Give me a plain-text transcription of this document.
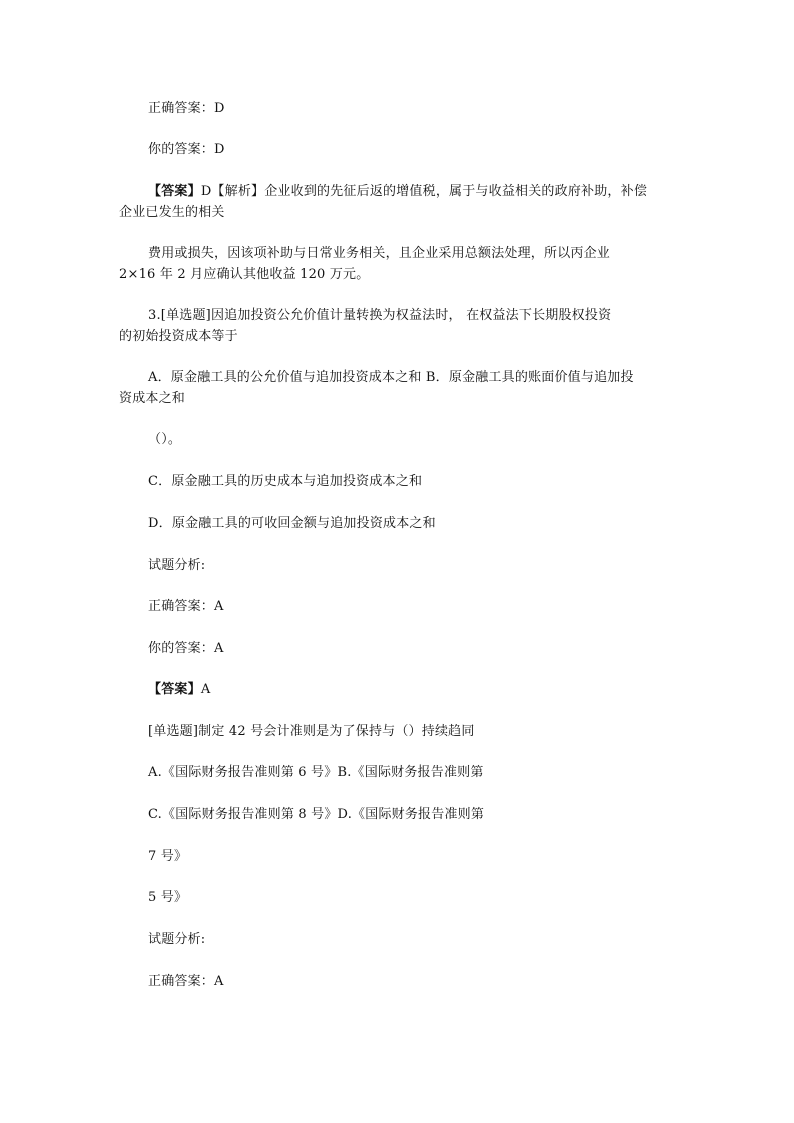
正确答案：D
你的答案：D
【答案】D【解析】企业收到的先征后返的增值税，属于与收益相关的政府补助，补偿
企业已发生的相关
费用或损失，因该项补助与日常业务相关，且企业采用总额法处理，所以丙企业
2×16 年 2 月应确认其他收益 120 万元。
3.[单选题]因追加投资公允价值计量转换为权益法时， 在权益法下长期股权投资
的初始投资成本等于
A．原金融工具的公允价值与追加投资成本之和 B．原金融工具的账面价值与追加投
资成本之和
（）。
C．原金融工具的历史成本与追加投资成本之和
D．原金融工具的可收回金额与追加投资成本之和
试题分析:
正确答案：A
你的答案：A
【答案】A
[单选题]制定 42 号会计准则是为了保持与（）持续趋同
A.《国际财务报告准则第 6 号》B.《国际财务报告准则第
C.《国际财务报告准则第 8 号》D.《国际财务报告准则第
7 号》
5 号》
试题分析:
正确答案：A
